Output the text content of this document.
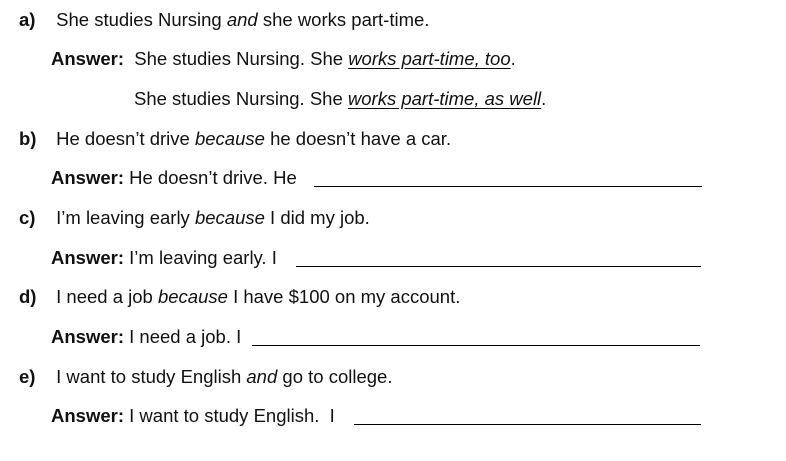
a) She studies Nursing and she works part-time.
Answer: She studies Nursing. She works part-time, too.
She studies Nursing. She works part-time, as well.
b) He doesn’t drive because he doesn’t have a car.
Answer: He doesn’t drive. He
c) I’m leaving early because I did my job.
Answer: I’m leaving early. I
d) I need a job because I have $100 on my account.
Answer: I need a job. I
e) I want to study English and go to college.
Answer: I want to study English.  I
